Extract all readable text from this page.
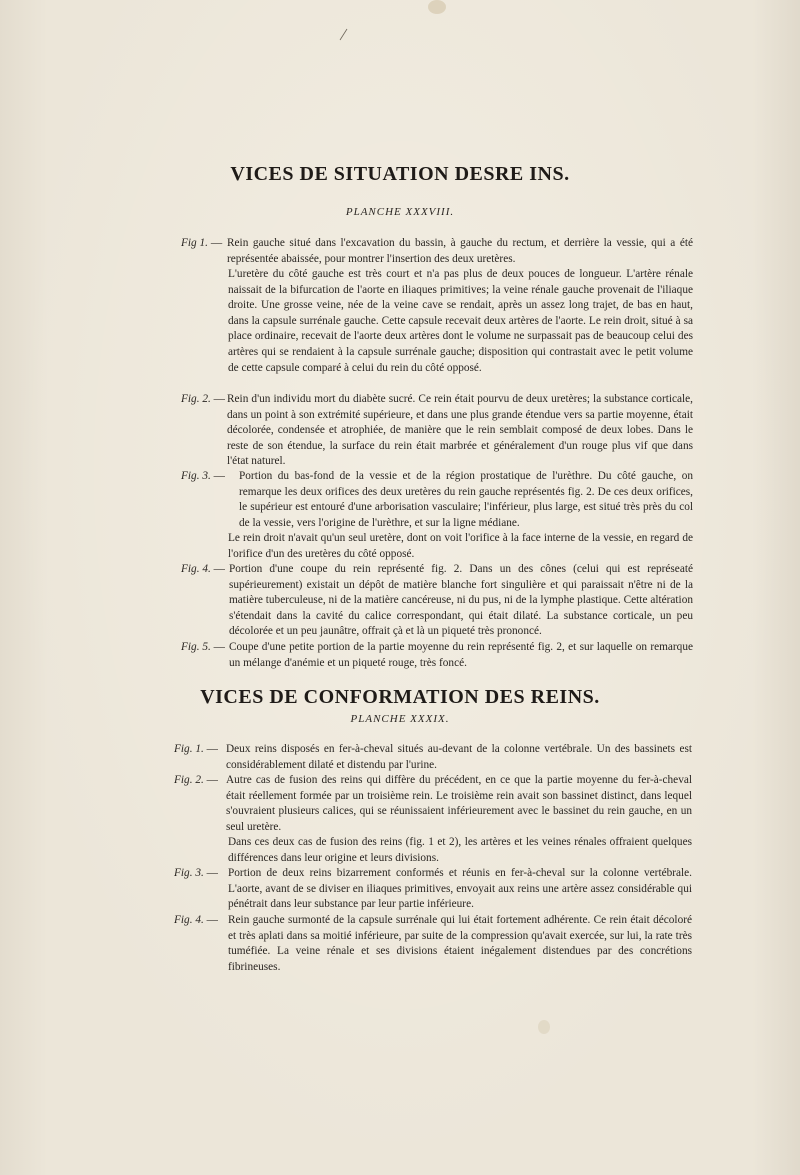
VICES DE SITUATION DESRE INS.
PLANCHE XXXVIII.
Fig 1. — Rein gauche situé dans l'excavation du bassin, à gauche du rectum, et derrière la vessie, qui a été représentée abaissée, pour montrer l'insertion des deux uretères.
L'uretère du côté gauche est très court et n'a pas plus de deux pouces de longueur. L'artère rénale naissait de la bifurcation de l'aorte en iliaques primitives; la veine rénale gauche provenait de l'iliaque droite. Une grosse veine, née de la veine cave se rendait, après un assez long trajet, de bas en haut, dans la capsule surrénale gauche. Cette capsule recevait deux artères de l'aorte. Le rein droit, situé à sa place ordinaire, recevait de l'aorte deux artères dont le volume ne surpassait pas de beaucoup celui des artères qui se rendaient à la capsule surrénale gauche; disposition qui contrastait avec le petit volume de cette capsule comparé à celui du rein du côté opposé.
Fig. 2. — Rein d'un individu mort du diabète sucré. Ce rein était pourvu de deux uretères; la substance corticale, dans un point à son extrémité supérieure, et dans une plus grande étendue vers sa partie moyenne, était décolorée, condensée et atrophiée, de manière que le rein semblait composé de deux lobes. Dans le reste de son étendue, la surface du rein était marbrée et généralement d'un rouge plus vif que dans l'état naturel.
Fig. 3. — Portion du bas-fond de la vessie et de la région prostatique de l'urèthre. Du côté gauche, on remarque les deux orifices des deux uretères du rein gauche représentés fig. 2. De ces deux orifices, le supérieur est entouré d'une arborisation vasculaire; l'inférieur, plus large, est situé très près du col de la vessie, vers l'origine de l'urèthre, et sur la ligne médiane.
Le rein droit n'avait qu'un seul uretère, dont on voit l'orifice à la face interne de la vessie, en regard de l'orifice d'un des uretères du côté opposé.
Fig. 4. — Portion d'une coupe du rein représenté fig. 2. Dans un des cônes (celui qui est représeaté supérieurement) existait un dépôt de matière blanche fort singulière et qui paraissait n'être ni de la matière tuberculeuse, ni de la matière cancéreuse, ni du pus, ni de la lymphe plastique. Cette altération s'étendait dans la cavité du calice correspondant, qui était dilaté. La substance corticale, un peu décolorée et un peu jaunâtre, offrait çà et là un piqueté très prononcé.
Fig. 5. — Coupe d'une petite portion de la partie moyenne du rein représenté fig. 2, et sur laquelle on remarque un mélange d'anémie et un piqueté rouge, très foncé.
VICES DE CONFORMATION DES REINS.
PLANCHE XXXIX.
Fig. 1. — Deux reins disposés en fer-à-cheval situés au-devant de la colonne vertébrale. Un des bassinets est considérablement dilaté et distendu par l'urine.
Fig. 2. — Autre cas de fusion des reins qui diffère du précédent, en ce que la partie moyenne du fer-à-cheval était réellement formée par un troisième rein. Le troisième rein avait son bassinet distinct, dans lequel s'ouvraient plusieurs calices, qui se réunissaient inférieurement avec le bassinet du rein gauche, en un seul uretère.
Dans ces deux cas de fusion des reins (fig. 1 et 2), les artères et les veines rénales offraient quelques différences dans leur origine et leurs divisions.
Fig. 3. — Portion de deux reins bizarrement conformés et réunis en fer-à-cheval sur la colonne vertébrale. L'aorte, avant de se diviser en iliaques primitives, envoyait aux reins une artère assez considérable qui pénétrait dans leur substance par leur partie inférieure.
Fig. 4. — Rein gauche surmonté de la capsule surrénale qui lui était fortement adhérente. Ce rein était décoloré et très aplati dans sa moitié inférieure, par suite de la compression qu'avait exercée, sur lui, la rate très tuméfiée. La veine rénale et ses divisions étaient inégalement distendues par des concrétions fibrineuses.
